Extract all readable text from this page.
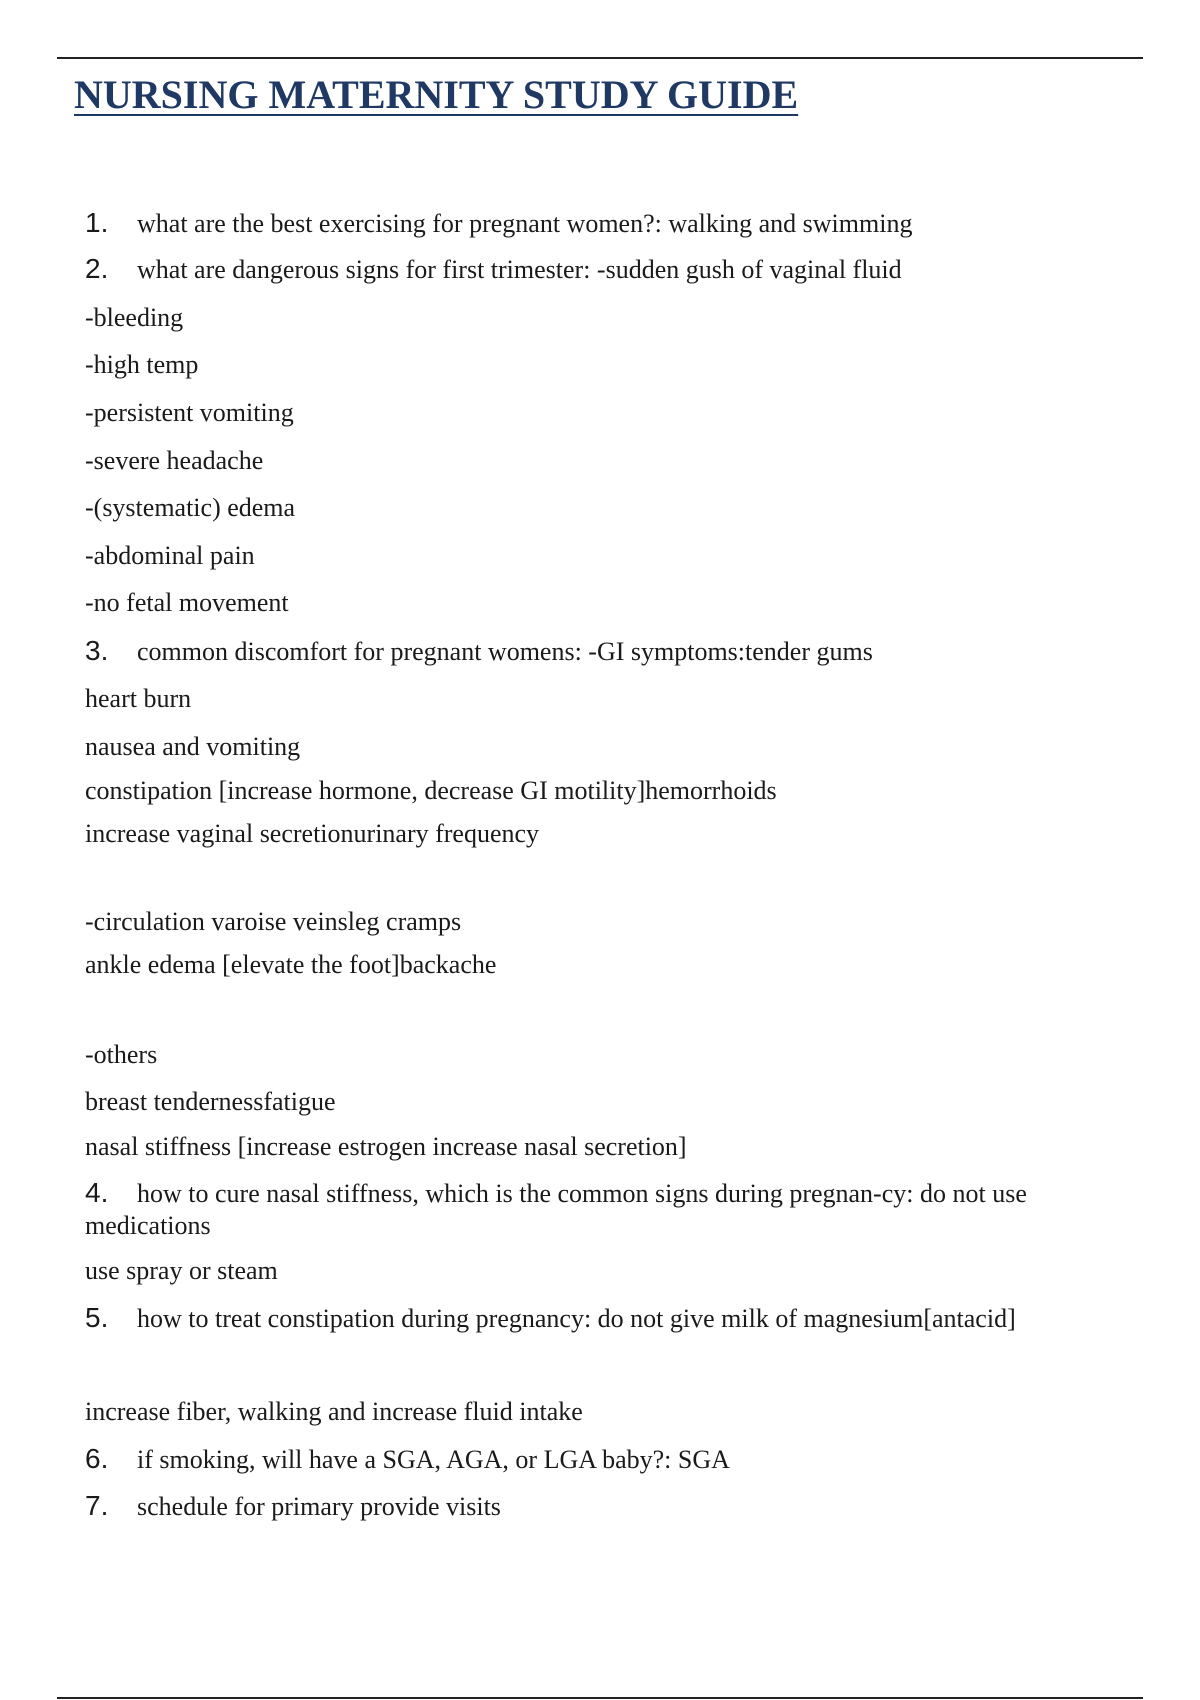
NURSING MATERNITY STUDY GUIDE
1. what are the best exercising for pregnant women?: walking and swimming
2. what are dangerous signs for first trimester: -sudden gush of vaginal fluid
-bleeding
-high temp
-persistent vomiting
-severe headache
-(systematic) edema
-abdominal pain
-no fetal movement
3. common discomfort for pregnant womens: -GI symptoms:tender gums
heart burn
nausea and vomiting
constipation [increase hormone, decrease GI motility]hemorrhoids
increase vaginal secretionurinary frequency
-circulation varoise veinsleg cramps
ankle edema [elevate the foot]backache
-others
breast tendernessfatigue
nasal stiffness [increase estrogen increase nasal secretion]
4. how to cure nasal stiffness, which is the common signs during pregnan-cy: do not use medications
use spray or steam
5. how to treat constipation during pregnancy: do not give milk of magnesium[antacid]
increase fiber, walking and increase fluid intake
6. if smoking, will have a SGA, AGA, or LGA baby?: SGA
7. schedule for primary provide visits
